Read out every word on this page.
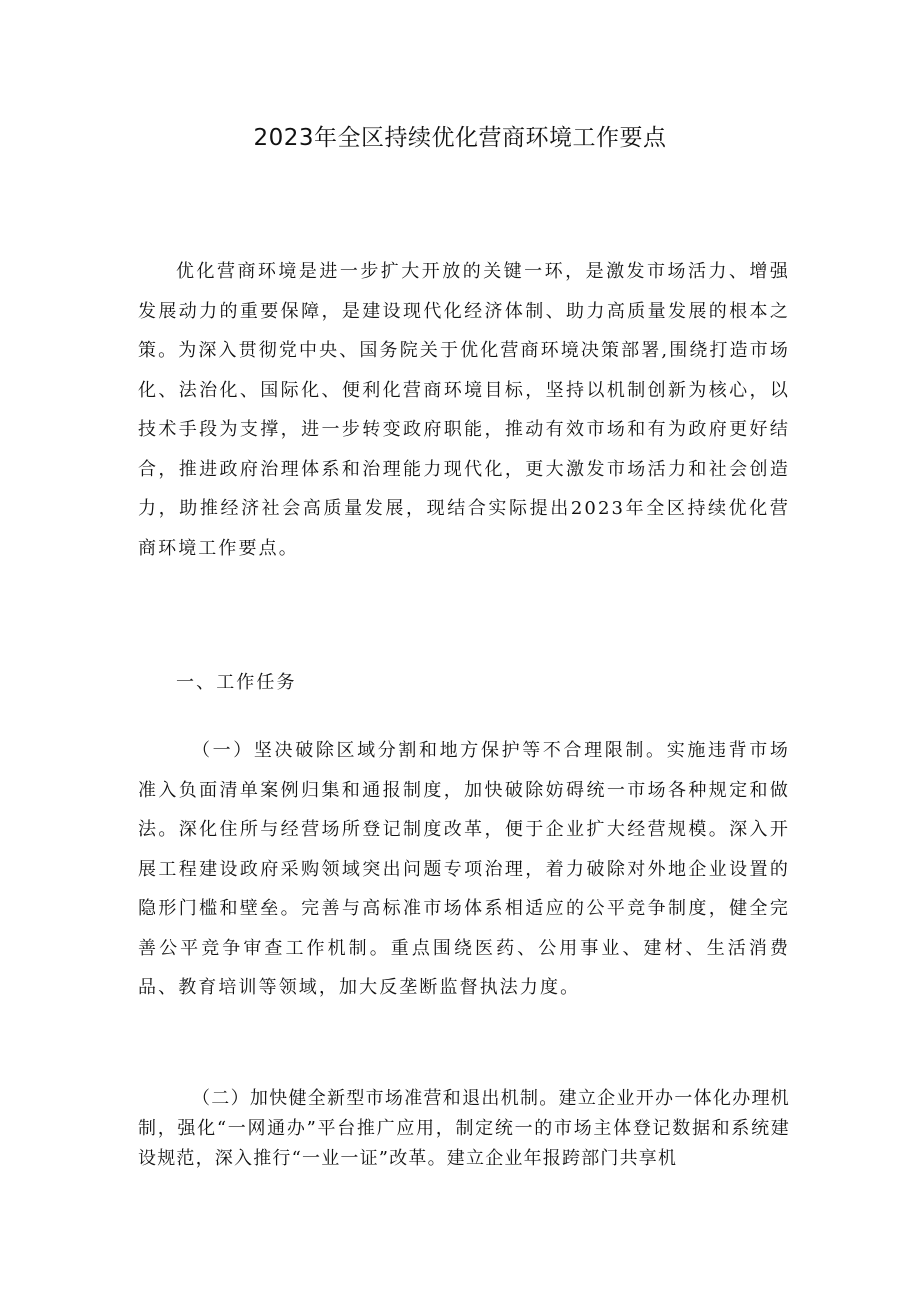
2023年全区持续优化营商环境工作要点

优化营商环境是进一步扩大开放的关键一环，是激发市场活力、增强发展动力的重要保障，是建设现代化经济体制、助力高质量发展的根本之策。为深入贯彻党中央、国务院关于优化营商环境决策部署,围绕打造市场化、法治化、国际化、便利化营商环境目标，坚持以机制创新为核心，以技术手段为支撑，进一步转变政府职能，推动有效市场和有为政府更好结合，推进政府治理体系和治理能力现代化，更大激发市场活力和社会创造力，助推经济社会高质量发展，现结合实际提出2023年全区持续优化营商环境工作要点。

一、工作任务

（一）坚决破除区域分割和地方保护等不合理限制。实施违背市场准入负面清单案例归集和通报制度，加快破除妨碍统一市场各种规定和做法。深化住所与经营场所登记制度改革，便于企业扩大经营规模。深入开展工程建设政府采购领域突出问题专项治理，着力破除对外地企业设置的隐形门槛和壁垒。完善与高标准市场体系相适应的公平竞争制度，健全完善公平竞争审查工作机制。重点围绕医药、公用事业、建材、生活消费品、教育培训等领域，加大反垄断监督执法力度。

（二）加快健全新型市场准营和退出机制。建立企业开办一体化办理机制，强化“一网通办”平台推广应用，制定统一的市场主体登记数据和系统建设规范，深入推行“一业一证”改革。建立企业年报跨部门共享机
